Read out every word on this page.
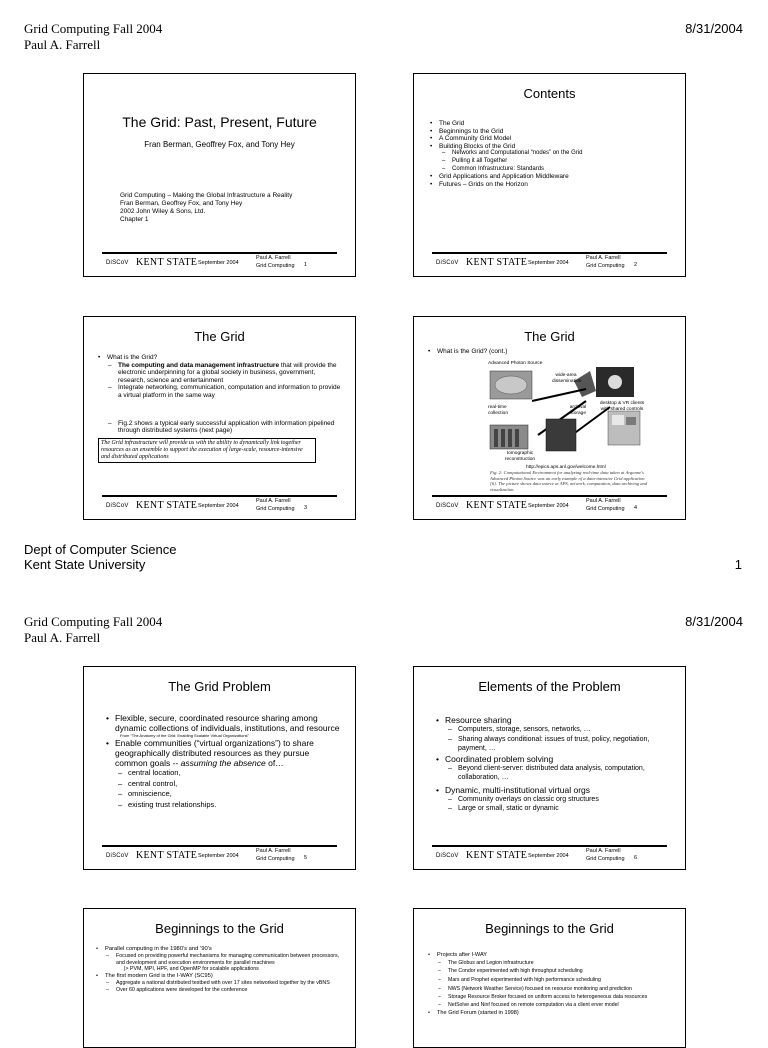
Grid Computing Fall 2004
Paul A. Farrell
8/31/2004
The Grid: Past, Present, Future
Fran Berman, Geoffrey Fox, and Tony Hey
Grid Computing – Making the Global Infrastructure a Reality
Fran Berman, Geoffrey Fox, and Tony Hey
2002 John Wiley & Sons, Ltd.
Chapter 1
DiSCoV KENT STATE September 2004
Paul A. Farrell
Grid Computing 1
Contents
• The Grid
• Beginnings to the Grid
• A Community Grid Model
• Building Blocks of the Grid
– Networks and Computational “nodes” on the Grid
– Pulling it all Together
– Common Infrastructure: Standards
• Grid Applications and Application Middleware
• Futures – Grids on the Horizon
DiSCoV KENT STATE September 2004
Paul A. Farrell
Grid Computing 2
The Grid
• What is the Grid?
– The computing and data management infrastructure that will provide the electronic underpinning for a global society in business, government, research, science and entertainment
– Integrate networking, communication, computation and information to provide a virtual platform in the same way
– Fig.2 shows a typical early successful application with information pipelined through distributed systems (next page)
The Grid infrastructure will provide us with the ability to dynamically link together resources as an ensemble to support the execution of large-scale, resource-intensive and distributed applications
DiSCoV KENT STATE September 2004
Paul A. Farrell
Grid Computing 3
The Grid
• What is the Grid? (cont.)
Advanced Photon Source
wide-area dissemination
real-time collection
archival storage
desktop & VR clients with shared controls
tomographic reconstruction
http://epics.aps.anl.gov/welcome.html
Fig. 2: Computational Environment for analyzing real-time data taken at Argonne's Advanced Photon Source was an early example of a data-intensive Grid application [6]. The picture shows data source at APS, network, computation, data archiving and visualization.
DiSCoV KENT STATE September 2004
Paul A. Farrell
Grid Computing 4
Dept of Computer Science
Kent State University	1
Grid Computing Fall 2004
Paul A. Farrell
8/31/2004
The Grid Problem
• Flexible, secure, coordinated resource sharing among dynamic collections of individuals, institutions, and resource
From “The Anatomy of the Grid: Enabling Scalable Virtual Organizations”
• Enable communities (“virtual organizations”) to share geographically distributed resources as they pursue common goals -- assuming the absence of…
– central location,
– central control,
– omniscience,
– existing trust relationships.
DiSCoV KENT STATE September 2004
Paul A. Farrell
Grid Computing 5
Elements of the Problem
• Resource sharing
– Computers, storage, sensors, networks, …
– Sharing always conditional: issues of trust, policy, negotiation, payment, …
• Coordinated problem solving
– Beyond client-server: distributed data analysis, computation, collaboration, …
• Dynamic, multi-institutional virtual orgs
– Community overlays on classic org structures
– Large or small, static or dynamic
DiSCoV KENT STATE September 2004
Paul A. Farrell
Grid Computing 6
Beginnings to the Grid
• Parallel computing in the 1980’s and ’90’s
– Focused on providing powerful mechanisms for managing communication between processors, and development and execution environments for parallel machines
|> PVM, MPI, HPF, and OpenMP for scalable applications
• The first modern Grid is the I-WAY (SC95)
– Aggregate a national distributed testbed with over 17 sites networked together by the vBNS
– Over 60 applications were developed for the conference
Beginnings to the Grid
• Projects after I-WAY
– The Globus and Legion infrastructure
– The Condor experimented with high throughput scheduling
– Mars and Prophet experimented with high performance scheduling
– NWS (Network Weather Service) focused on resource monitoring and prediction
– Storage Resource Broker focused on uniform access to heterogeneous data resources
– NetSolve and Ninf focused on remote computation via a client erver model
• The Grid Forum (started in 1998)
